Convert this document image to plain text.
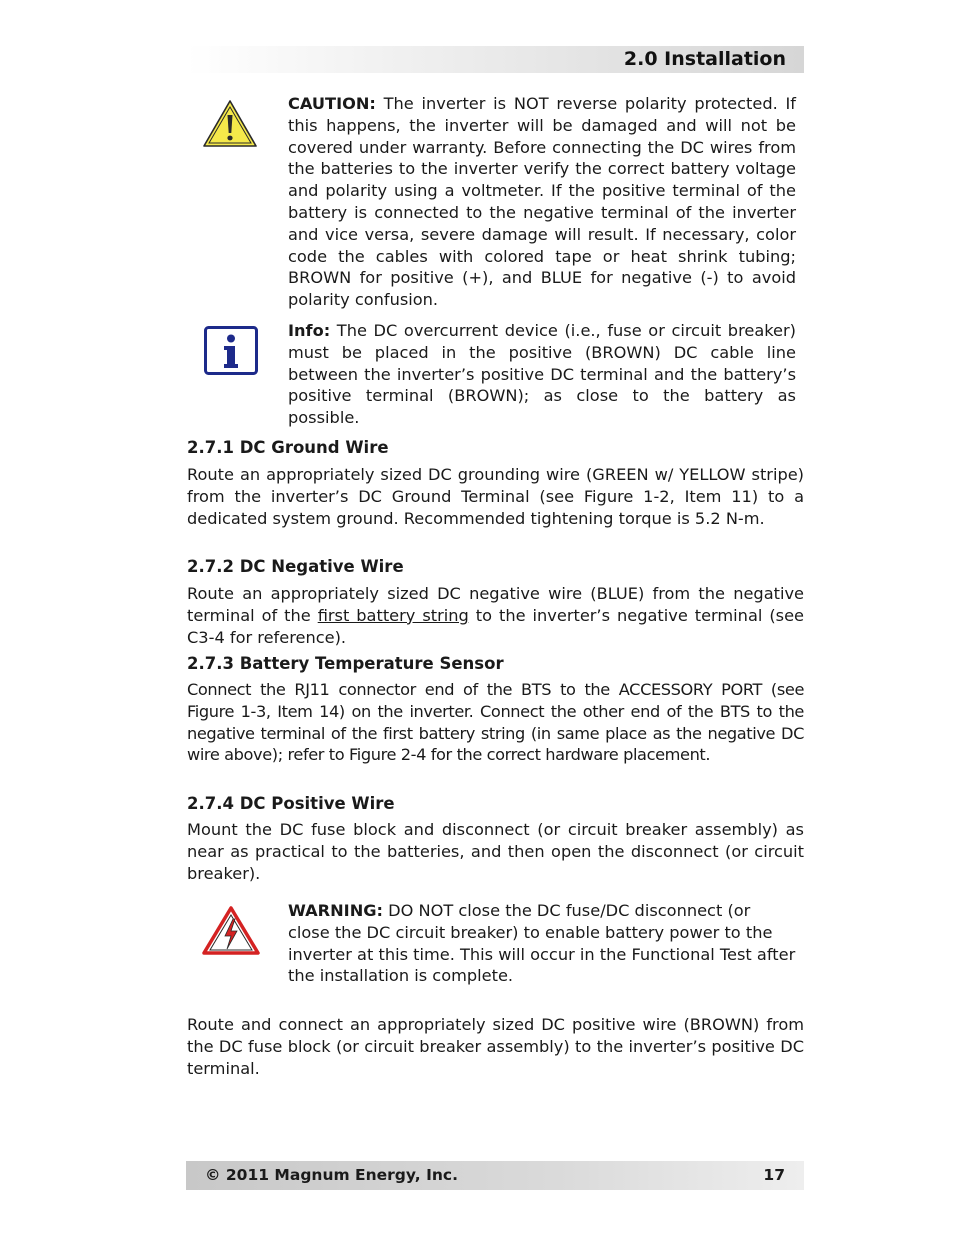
2.0 Installation
CAUTION: The inverter is NOT reverse polarity protected. If this happens, the inverter will be damaged and will not be covered under warranty. Before connecting the DC wires from the batteries to the inverter verify the correct battery voltage and polarity using a voltmeter. If the positive terminal of the battery is connected to the negative terminal of the inverter and vice versa, severe damage will result. If necessary, color code the cables with colored tape or heat shrink tubing; BROWN for positive (+), and BLUE for negative (-) to avoid polarity confusion.
Info: The DC overcurrent device (i.e., fuse or circuit breaker) must be placed in the positive (BROWN) DC cable line between the inverter’s positive DC terminal and the battery’s positive terminal (BROWN); as close to the battery as possible.
2.7.1 DC Ground Wire
Route an appropriately sized DC grounding wire (GREEN w/ YELLOW stripe) from the inverter’s DC Ground Terminal (see Figure 1-2, Item 11) to a dedicated system ground. Recommended tightening torque is 5.2 N-m.
2.7.2 DC Negative Wire
Route an appropriately sized DC negative wire (BLUE) from the negative terminal of the first battery string to the inverter’s negative terminal (see C3-4 for reference).
2.7.3 Battery Temperature Sensor
Connect the RJ11 connector end of the BTS to the ACCESSORY PORT (see Figure 1-3, Item 14) on the inverter. Connect the other end of the BTS to the negative terminal of the first battery string (in same place as the negative DC wire above); refer to Figure 2-4 for the correct hardware placement.
2.7.4 DC Positive Wire
Mount the DC fuse block and disconnect (or circuit breaker assembly) as near as practical to the batteries, and then open the disconnect (or circuit breaker).
WARNING: DO NOT close the DC fuse/DC disconnect (or close the DC circuit breaker) to enable battery power to the inverter at this time. This will occur in the Functional Test after the installation is complete.
Route and connect an appropriately sized DC positive wire (BROWN) from the DC fuse block (or circuit breaker assembly) to the inverter’s positive DC terminal.
© 2011 Magnum Energy, Inc.	17
